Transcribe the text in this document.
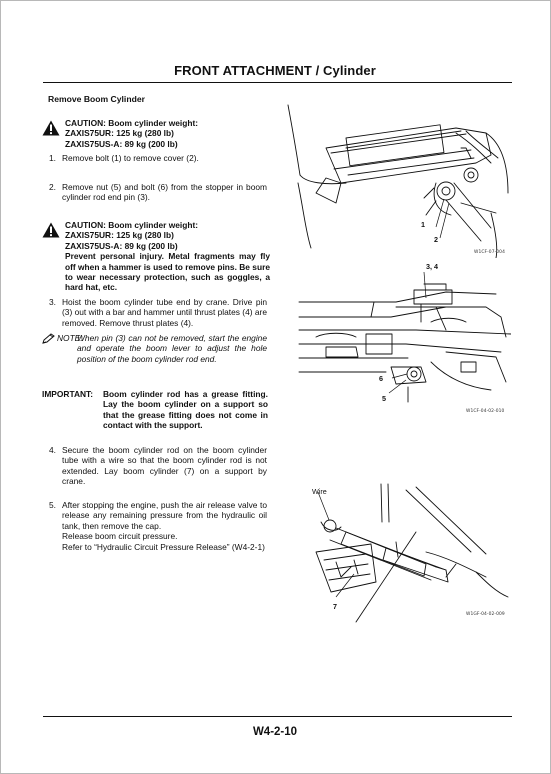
FRONT ATTACHMENT / Cylinder
Remove Boom Cylinder
CAUTION: Boom cylinder weight:
ZAXIS75UR: 125 kg (280 lb)
ZAXIS75US-A: 89 kg (200 lb)
1. Remove bolt (1) to remove cover (2).
2. Remove nut (5) and bolt (6) from the stopper in boom cylinder rod end pin (3).
CAUTION: Boom cylinder weight:
ZAXIS75UR: 125 kg (280 lb)
ZAXIS75US-A: 89 kg (200 lb)
Prevent personal injury. Metal fragments may fly off when a hammer is used to remove pins. Be sure to wear necessary protection, such as goggles, a hard hat, etc.
3. Hoist the boom cylinder tube end by crane. Drive pin (3) out with a bar and hammer until thrust plates (4) are removed. Remove thrust plates (4).
NOTE:
When pin (3) can not be removed, start the engine and operate the boom lever to adjust the hole position of the boom cylinder rod end.
IMPORTANT: Boom cylinder rod has a grease fitting. Lay the boom cylinder on a support so that the grease fitting does not come in contact with the support.
4. Secure the boom cylinder rod on the boom cylinder tube with a wire so that the boom cylinder rod is not extended. Lay boom cylinder (7) on a support by crane.
5. After stopping the engine, push the air release valve to release any remaining pressure from the hydraulic oil tank, then remove the cap.
Release boom circuit pressure.
Refer to “Hydraulic Circuit Pressure Release” (W4-2-1)
1
2
W1CF-07-004
3, 4
6
5
W1CF-04-02-010
Wire
7
W1GF-04-02-009
W4-2-10
